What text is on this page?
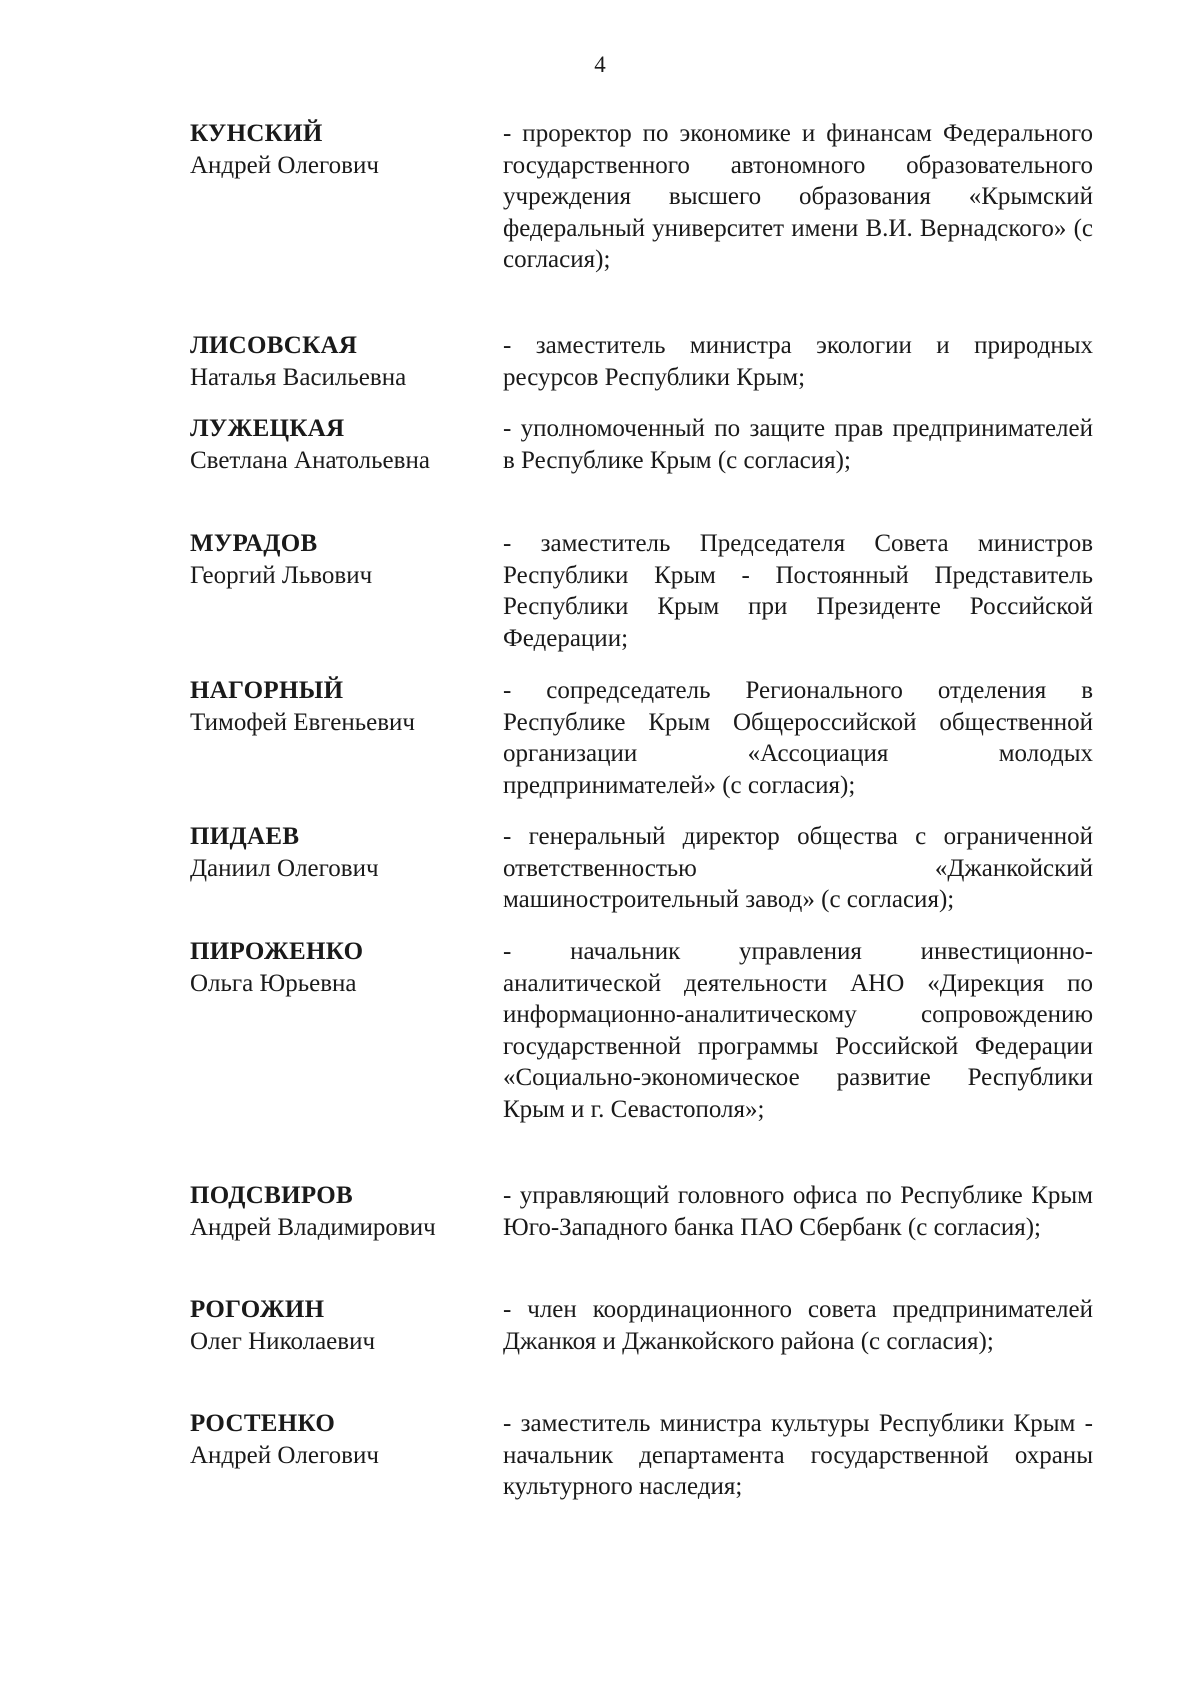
4
КУНСКИЙ
Андрей Олегович
- проректор по экономике и финансам Федерального государственного автономного образовательного учреждения высшего образования «Крымский федеральный университет имени В.И. Вернадского» (с согласия);
ЛИСОВСКАЯ
Наталья Васильевна
- заместитель министра экологии и природных ресурсов Республики Крым;
ЛУЖЕЦКАЯ
Светлана Анатольевна
- уполномоченный по защите прав предпринимателей в Республике Крым (с согласия);
МУРАДОВ
Георгий Львович
- заместитель Председателя Совета министров Республики Крым - Постоянный Представитель Республики Крым при Президенте Российской Федерации;
НАГОРНЫЙ
Тимофей Евгеньевич
- сопредседатель Регионального отделения в Республике Крым Общероссийской общественной организации «Ассоциация молодых предпринимателей» (с согласия);
ПИДАЕВ
Даниил Олегович
- генеральный директор общества с ограниченной ответственностью «Джанкойский машиностроительный завод» (с согласия);
ПИРОЖЕНКО
Ольга Юрьевна
- начальник управления инвестиционно-аналитической деятельности АНО «Дирекция по информационно-аналитическому сопровождению государственной программы Российской Федерации «Социально-экономическое развитие Республики Крым и г. Севастополя»;
ПОДСВИРОВ
Андрей Владимирович
- управляющий головного офиса по Республике Крым Юго-Западного банка ПАО Сбербанк (с согласия);
РОГОЖИН
Олег Николаевич
- член координационного совета предпринимателей Джанкоя и Джанкойского района (с согласия);
РОСТЕНКО
Андрей Олегович
- заместитель министра культуры Республики Крым - начальник департамента государственной охраны культурного наследия;
